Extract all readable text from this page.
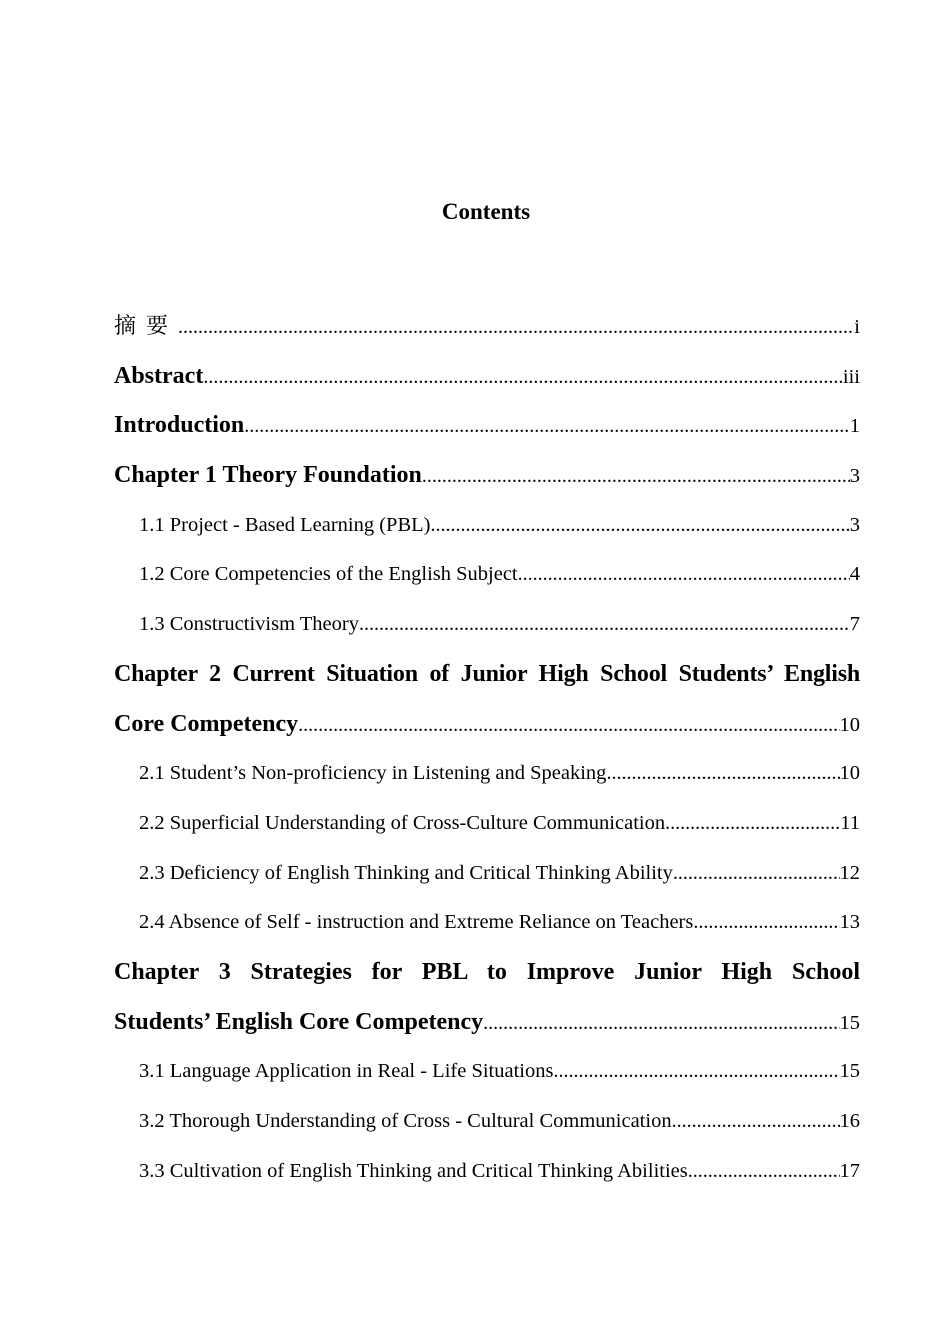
Contents
摘要 .....	i
Abstract .....	iii
Introduction .....	1
Chapter 1 Theory Foundation .....	3
1.1 Project - Based Learning (PBL) .....	3
1.2 Core Competencies of the English Subject .....	4
1.3 Constructivism Theory .....	7
Chapter 2 Current Situation of Junior High School Students’ English
Core Competency .....	10
2.1 Student’s Non-proficiency in Listening and Speaking .....	10
2.2 Superficial Understanding of Cross-Culture Communication .....	11
2.3 Deficiency of English Thinking and Critical Thinking Ability .....	12
2.4 Absence of Self - instruction and Extreme Reliance on Teachers .....	13
Chapter 3 Strategies for PBL to Improve Junior High School
Students’ English Core Competency .....	15
3.1 Language Application in Real - Life Situations .....	15
3.2 Thorough Understanding of Cross - Cultural Communication .....	16
3.3 Cultivation of English Thinking and Critical Thinking Abilities .....	17
